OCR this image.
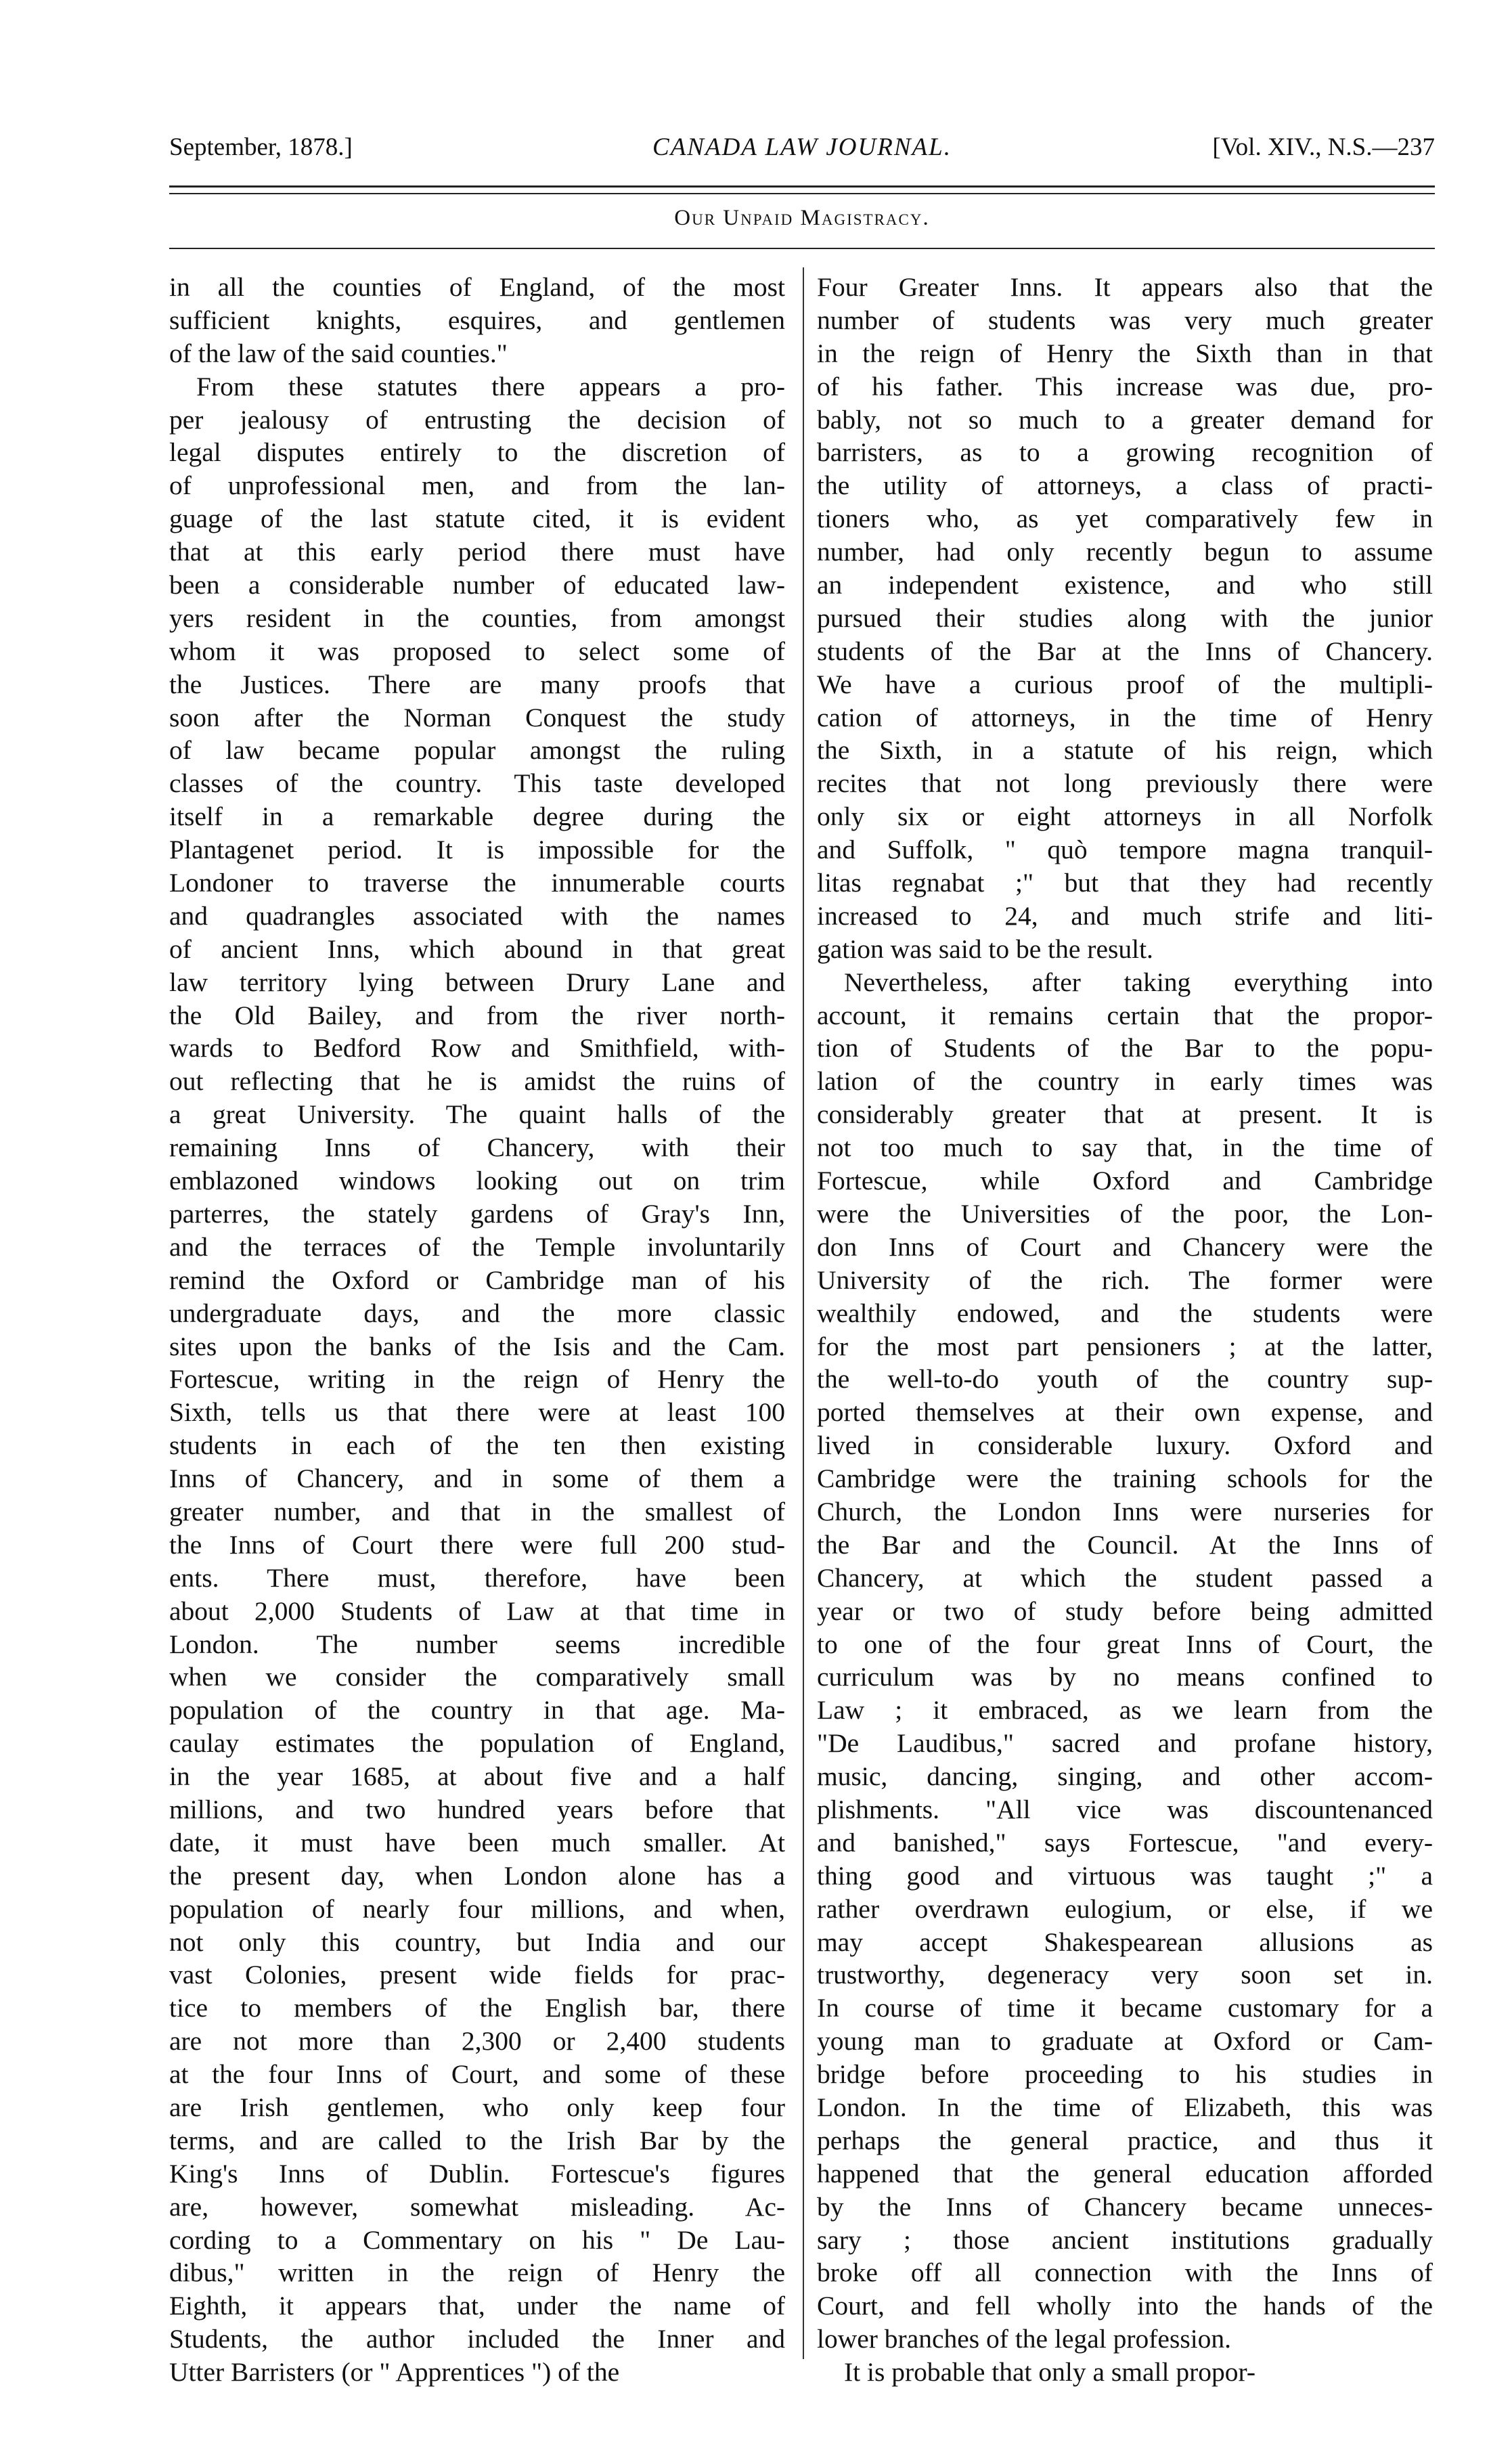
September, 1878.]	CANADA LAW JOURNAL.	[Vol. XIV., N.S.—237
Our Unpaid Magistracy.
in all the counties of England, of the most
sufficient knights, esquires, and gentlemen
of the law of the said counties."
From these statutes there appears a pro-
per jealousy of entrusting the decision of
legal disputes entirely to the discretion of
of unprofessional men, and from the lan-
guage of the last statute cited, it is evident
that at this early period there must have
been a considerable number of educated law-
yers resident in the counties, from amongst
whom it was proposed to select some of
the Justices. There are many proofs that
soon after the Norman Conquest the study
of law became popular amongst the ruling
classes of the country. This taste developed
itself in a remarkable degree during the
Plantagenet period. It is impossible for the
Londoner to traverse the innumerable courts
and quadrangles associated with the names
of ancient Inns, which abound in that great
law territory lying between Drury Lane and
the Old Bailey, and from the river north-
wards to Bedford Row and Smithfield, with-
out reflecting that he is amidst the ruins of
a great University. The quaint halls of the
remaining Inns of Chancery, with their
emblazoned windows looking out on trim
parterres, the stately gardens of Gray's Inn,
and the terraces of the Temple involuntarily
remind the Oxford or Cambridge man of his
undergraduate days, and the more classic
sites upon the banks of the Isis and the Cam.
Fortescue, writing in the reign of Henry the
Sixth, tells us that there were at least 100
students in each of the ten then existing
Inns of Chancery, and in some of them a
greater number, and that in the smallest of
the Inns of Court there were full 200 stud-
ents. There must, therefore, have been
about 2,000 Students of Law at that time in
London. The number seems incredible
when we consider the comparatively small
population of the country in that age. Ma-
caulay estimates the population of England,
in the year 1685, at about five and a half
millions, and two hundred years before that
date, it must have been much smaller. At
the present day, when London alone has a
population of nearly four millions, and when,
not only this country, but India and our
vast Colonies, present wide fields for prac-
tice to members of the English bar, there
are not more than 2,300 or 2,400 students
at the four Inns of Court, and some of these
are Irish gentlemen, who only keep four
terms, and are called to the Irish Bar by the
King's Inns of Dublin. Fortescue's figures
are, however, somewhat misleading. Ac-
cording to a Commentary on his " De Lau-
dibus," written in the reign of Henry the
Eighth, it appears that, under the name of
Students, the author included the Inner and
Utter Barristers (or " Apprentices ") of the
Four Greater Inns. It appears also that the
number of students was very much greater
in the reign of Henry the Sixth than in that
of his father. This increase was due, pro-
bably, not so much to a greater demand for
barristers, as to a growing recognition of
the utility of attorneys, a class of practi-
tioners who, as yet comparatively few in
number, had only recently begun to assume
an independent existence, and who still
pursued their studies along with the junior
students of the Bar at the Inns of Chancery.
We have a curious proof of the multipli-
cation of attorneys, in the time of Henry
the Sixth, in a statute of his reign, which
recites that not long previously there were
only six or eight attorneys in all Norfolk
and Suffolk, " quò tempore magna tranquil-
litas regnabat ;" but that they had recently
increased to 24, and much strife and liti-
gation was said to be the result.
Nevertheless, after taking everything into
account, it remains certain that the propor-
tion of Students of the Bar to the popu-
lation of the country in early times was
considerably greater that at present. It is
not too much to say that, in the time of
Fortescue, while Oxford and Cambridge
were the Universities of the poor, the Lon-
don Inns of Court and Chancery were the
University of the rich. The former were
wealthily endowed, and the students were
for the most part pensioners ; at the latter,
the well-to-do youth of the country sup-
ported themselves at their own expense, and
lived in considerable luxury. Oxford and
Cambridge were the training schools for the
Church, the London Inns were nurseries for
the Bar and the Council. At the Inns of
Chancery, at which the student passed a
year or two of study before being admitted
to one of the four great Inns of Court, the
curriculum was by no means confined to
Law ; it embraced, as we learn from the
"De Laudibus," sacred and profane history,
music, dancing, singing, and other accom-
plishments. "All vice was discountenanced
and banished," says Fortescue, "and every-
thing good and virtuous was taught ;" a
rather overdrawn eulogium, or else, if we
may accept Shakespearean allusions as
trustworthy, degeneracy very soon set in.
In course of time it became customary for a
young man to graduate at Oxford or Cam-
bridge before proceeding to his studies in
London. In the time of Elizabeth, this was
perhaps the general practice, and thus it
happened that the general education afforded
by the Inns of Chancery became unneces-
sary ; those ancient institutions gradually
broke off all connection with the Inns of
Court, and fell wholly into the hands of the
lower branches of the legal profession.
It is probable that only a small propor-
